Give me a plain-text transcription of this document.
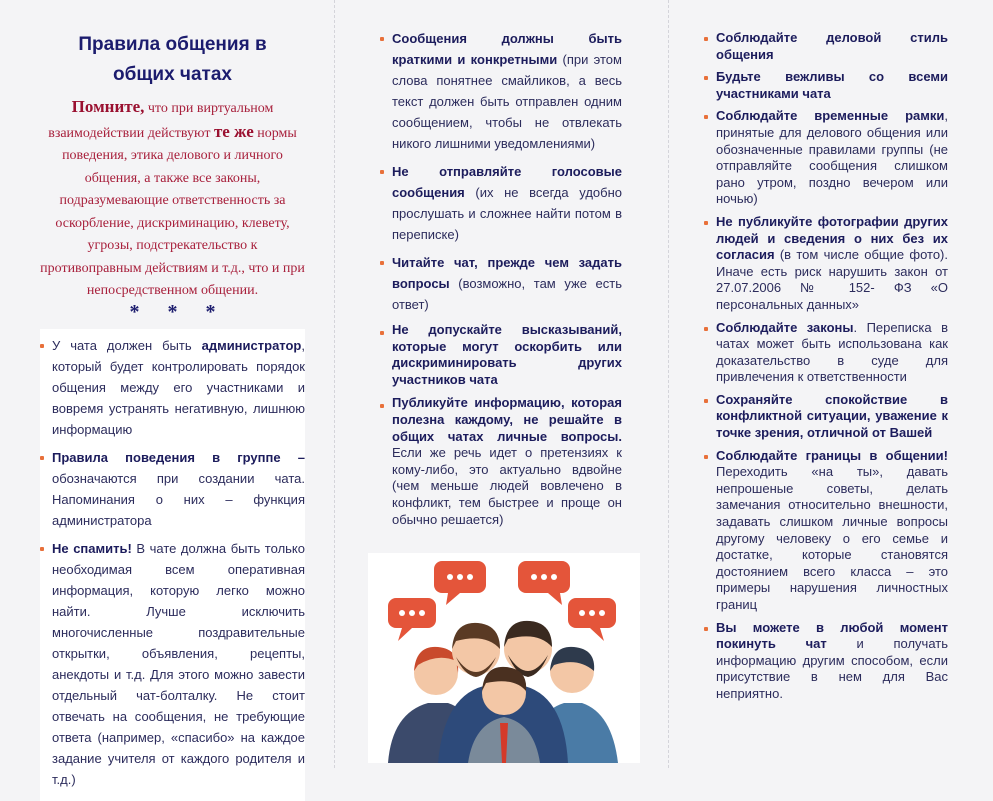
Правила общения в общих чатах
Помните, что при виртуальном взаимодействии действуют те же нормы поведения, этика делового и личного общения, а также все законы, подразумевающие ответственность за оскорбление, дискриминацию, клевету, угрозы, подстрекательство к противоправным действиям и т.д., что и при непосредственном общении.
***
У чата должен быть администратор, который будет контролировать порядок общения между его участниками и вовремя устранять негативную, лишнюю информацию
Правила поведения в группе – обозначаются при создании чата. Напоминания о них – функция администратора
Не спамить! В чате должна быть только необходимая всем оперативная информация, которую легко можно найти. Лучше исключить многочисленные поздравительные открытки, объявления, рецепты, анекдоты и т.д. Для этого можно завести отдельный чат-болталку. Не стоит отвечать на сообщения, не требующие ответа (например, «спасибо» на каждое задание учителя от каждого родителя и т.д.)
Сообщения должны быть краткими и конкретными (при этом слова понятнее смайликов, а весь текст должен быть отправлен одним сообщением, чтобы не отвлекать никого лишними уведомлениями)
Не отправляйте голосовые сообщения (их не всегда удобно прослушать и сложнее найти потом в переписке)
Читайте чат, прежде чем задать вопросы (возможно, там уже есть ответ)
Не допускайте высказываний, которые могут оскорбить или дискриминировать других участников чата
Публикуйте информацию, которая полезна каждому, не решайте в общих чатах личные вопросы. Если же речь идет о претензиях к кому-либо, это актуально вдвойне (чем меньше людей вовлечено в конфликт, тем быстрее и проще он обычно решается)
Соблюдайте деловой стиль общения
Будьте вежливы со всеми участниками чата
Соблюдайте временные рамки, принятые для делового общения или обозначенные правилами группы (не отправляйте сообщения слишком рано утром, поздно вечером или ночью)
Не публикуйте фотографии других людей и сведения о них без их согласия (в том числе общие фото). Иначе есть риск нарушить закон от 27.07.2006 № 152- ФЗ «О персональных данных»
Соблюдайте законы. Переписка в чатах может быть использована как доказательство в суде для привлечения к ответственности
Сохраняйте спокойствие в конфликтной ситуации, уважение к точке зрения, отличной от Вашей
Соблюдайте границы в общении! Переходить «на ты», давать непрошеные советы, делать замечания относительно внешности, задавать слишком личные вопросы другому человеку о его семье и достатке, которые становятся достоянием всего класса – это примеры нарушения личностных границ
Вы можете в любой момент покинуть чат и получать информацию другим способом, если присутствие в нем для Вас неприятно.
